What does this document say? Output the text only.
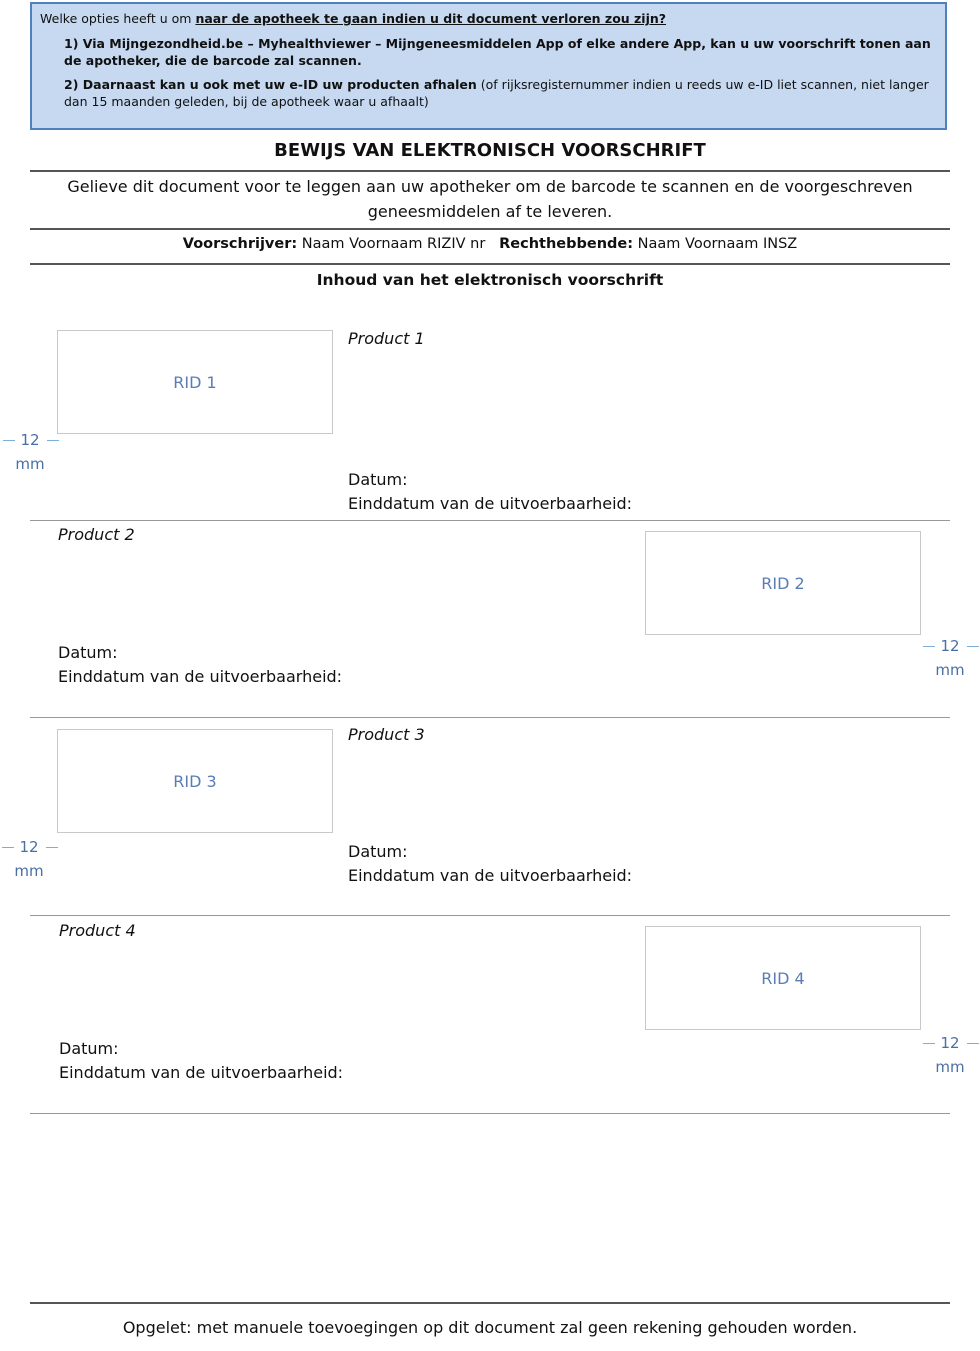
Welke opties heeft u om naar de apotheek te gaan indien u dit document verloren zou zijn?

1) Via Mijngezondheid.be – Myhealthviewer – Mijngeneesmiddelen App of elke andere App, kan u uw voorschrift tonen aan de apotheker, die de barcode zal scannen.

2) Daarnaast kan u ook met uw e-ID uw producten afhalen (of rijksregisternummer indien u reeds uw e-ID liet scannen, niet langer dan 15 maanden geleden, bij de apotheek waar u afhaalt)

BEWIJS VAN ELEKTRONISCH VOORSCHRIFT
Gelieve dit document voor te leggen aan uw apotheker om de barcode te scannen en de voorgeschreven geneesmiddelen af te leveren.
Voorschrijver: Naam Voornaam RIZIV nr Rechthebbende: Naam Voornaam INSZ
Inhoud van het elektronisch voorschrift
RID 1
Product 1
Datum:
Einddatum van de uitvoerbaarheid:
12
mm
Product 2
RID 2
Datum:
Einddatum van de uitvoerbaarheid:
12
mm
RID 3
Product 3
Datum:
Einddatum van de uitvoerbaarheid:
12
mm
Product 4
RID 4
Datum:
Einddatum van de uitvoerbaarheid:
12
mm
Opgelet: met manuele toevoegingen op dit document zal geen rekening gehouden worden.
